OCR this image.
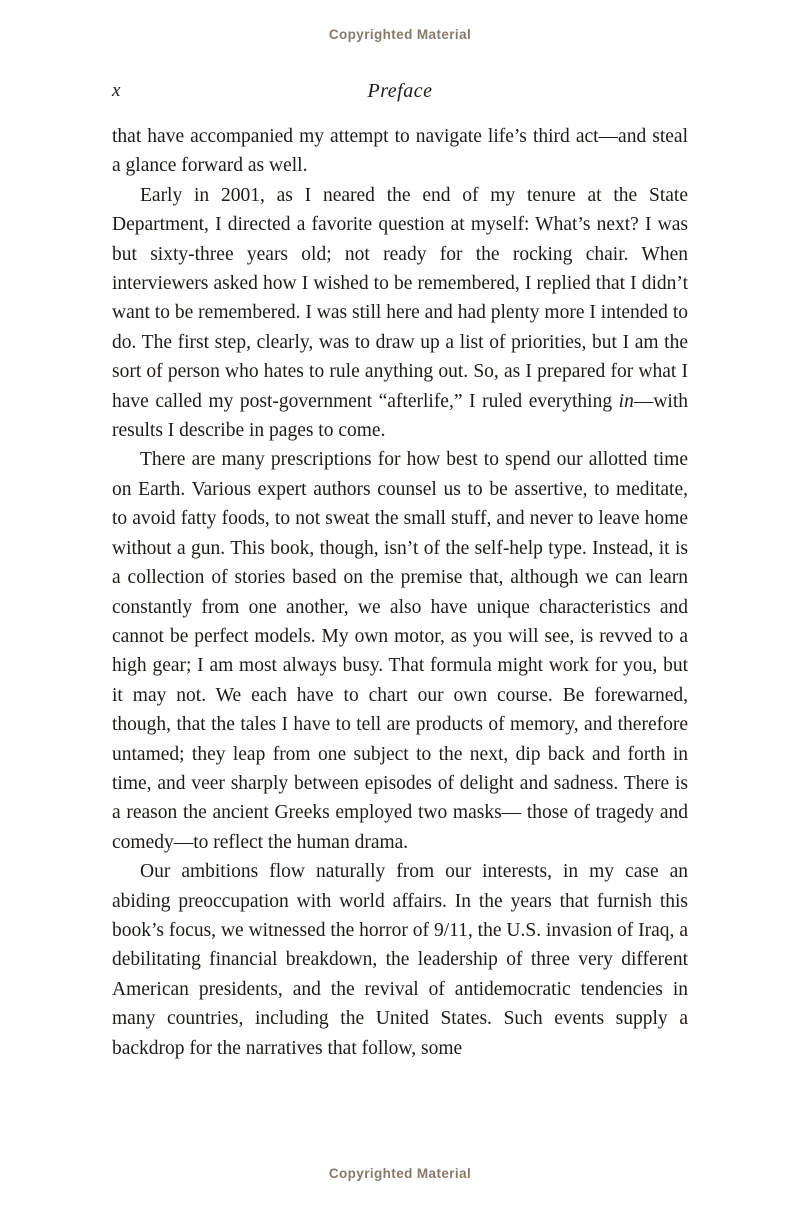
Copyrighted Material
x	Preface

that have accompanied my attempt to navigate life’s third act—and steal a glance forward as well.

Early in 2001, as I neared the end of my tenure at the State Department, I directed a favorite question at myself: What’s next? I was but sixty-three years old; not ready for the rocking chair. When interviewers asked how I wished to be remembered, I replied that I didn’t want to be remembered. I was still here and had plenty more I intended to do. The first step, clearly, was to draw up a list of priorities, but I am the sort of person who hates to rule anything out. So, as I prepared for what I have called my post-government “afterlife,” I ruled everything in—with results I describe in pages to come.

There are many prescriptions for how best to spend our allotted time on Earth. Various expert authors counsel us to be assertive, to meditate, to avoid fatty foods, to not sweat the small stuff, and never to leave home without a gun. This book, though, isn’t of the self-help type. Instead, it is a collection of stories based on the premise that, although we can learn constantly from one another, we also have unique characteristics and cannot be perfect models. My own motor, as you will see, is revved to a high gear; I am most always busy. That formula might work for you, but it may not. We each have to chart our own course. Be forewarned, though, that the tales I have to tell are products of memory, and therefore untamed; they leap from one subject to the next, dip back and forth in time, and veer sharply between episodes of delight and sadness. There is a reason the ancient Greeks employed two masks— those of tragedy and comedy—to reflect the human drama.

Our ambitions flow naturally from our interests, in my case an abiding preoccupation with world affairs. In the years that furnish this book’s focus, we witnessed the horror of 9/11, the U.S. invasion of Iraq, a debilitating financial breakdown, the leadership of three very different American presidents, and the revival of antidemocratic tendencies in many countries, including the United States. Such events supply a backdrop for the narratives that follow, some

Copyrighted Material
